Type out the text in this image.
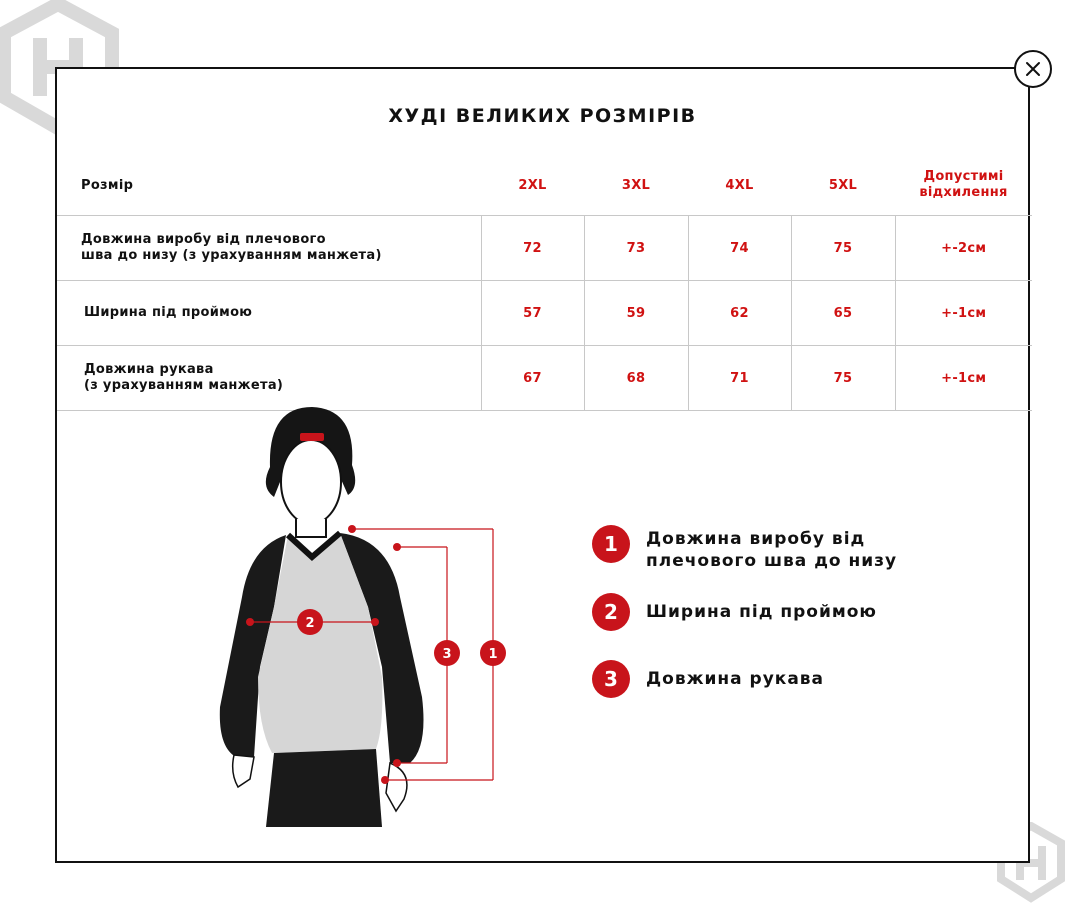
ХУДІ ВЕЛИКИХ РОЗМІРІВ
Розмір	2XL	3XL	4XL	5XL	Допустимі
відхилення

Довжина виробу від плечового
шва до низу (з урахуванням манжета)	72	73	74	75	+-2см

Ширина під проймою	57	59	62	65	+-1см

Довжина рукава
(з урахуванням манжета)	67	68	71	75	+-1см
2
3	1
1	Довжина виробу від
плечового шва до низу
2	Ширина під проймою
3	Довжина рукава
